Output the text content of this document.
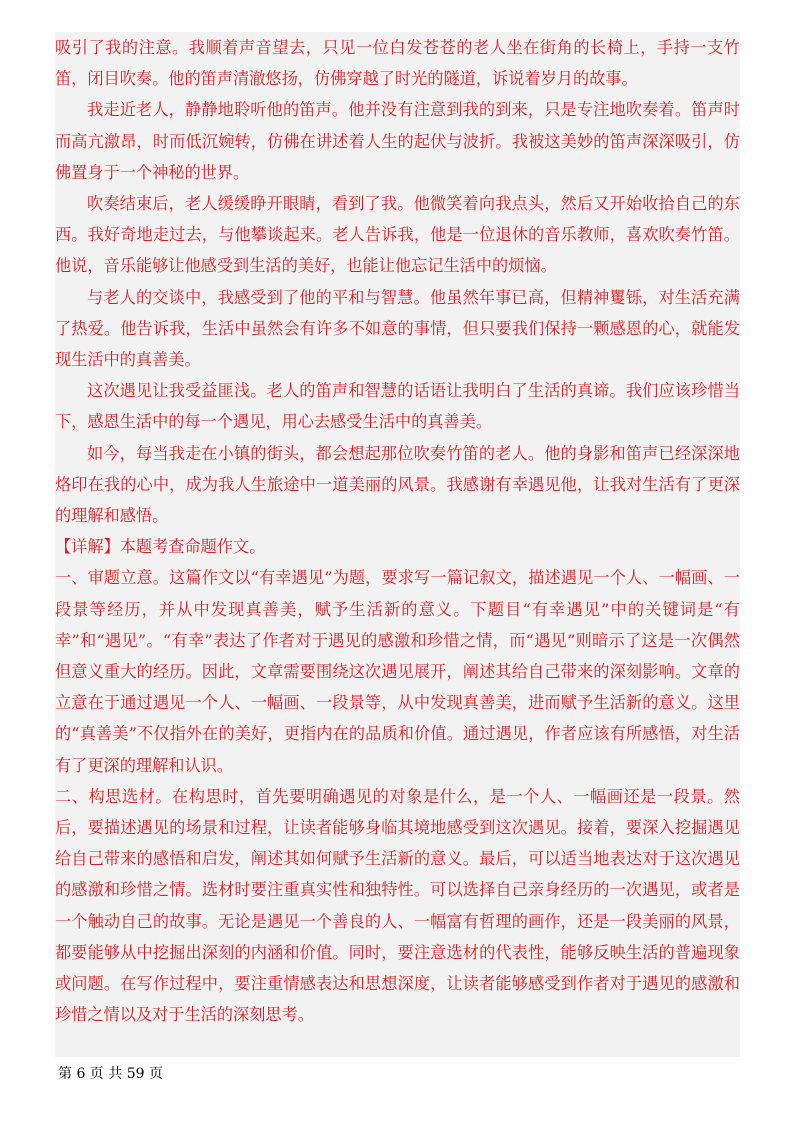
吸引了我的注意。我顺着声音望去，只见一位白发苍苍的老人坐在街角的长椅上，手持一支竹笛，闭目吹奏。他的笛声清澈悠扬，仿佛穿越了时光的隧道，诉说着岁月的故事。

我走近老人，静静地聆听他的笛声。他并没有注意到我的到来，只是专注地吹奏着。笛声时而高亢激昂，时而低沉婉转，仿佛在讲述着人生的起伏与波折。我被这美妙的笛声深深吸引，仿佛置身于一个神秘的世界。

吹奏结束后，老人缓缓睁开眼睛，看到了我。他微笑着向我点头，然后又开始收拾自己的东西。我好奇地走过去，与他攀谈起来。老人告诉我，他是一位退休的音乐教师，喜欢吹奏竹笛。他说，音乐能够让他感受到生活的美好，也能让他忘记生活中的烦恼。

与老人的交谈中，我感受到了他的平和与智慧。他虽然年事已高，但精神矍铄，对生活充满了热爱。他告诉我，生活中虽然会有许多不如意的事情，但只要我们保持一颗感恩的心，就能发现生活中的真善美。

这次遇见让我受益匪浅。老人的笛声和智慧的话语让我明白了生活的真谛。我们应该珍惜当下，感恩生活中的每一个遇见，用心去感受生活中的真善美。

如今，每当我走在小镇的街头，都会想起那位吹奏竹笛的老人。他的身影和笛声已经深深地烙印在我的心中，成为我人生旅途中一道美丽的风景。我感谢有幸遇见他，让我对生活有了更深的理解和感悟。

【详解】本题考查命题作文。

一、审题立意。这篇作文以“有幸遇见”为题，要求写一篇记叙文，描述遇见一个人、一幅画、一段景等经历，并从中发现真善美，赋予生活新的意义。下题目“有幸遇见”中的关键词是“有幸”和“遇见”。“有幸”表达了作者对于遇见的感激和珍惜之情，而“遇见”则暗示了这是一次偶然但意义重大的经历。因此，文章需要围绕这次遇见展开，阐述其给自己带来的深刻影响。文章的立意在于通过遇见一个人、一幅画、一段景等，从中发现真善美，进而赋予生活新的意义。这里的“真善美”不仅指外在的美好，更指内在的品质和价值。通过遇见，作者应该有所感悟，对生活有了更深的理解和认识。

二、构思选材。在构思时，首先要明确遇见的对象是什么，是一个人、一幅画还是一段景。然后，要描述遇见的场景和过程，让读者能够身临其境地感受到这次遇见。接着，要深入挖掘遇见给自己带来的感悟和启发，阐述其如何赋予生活新的意义。最后，可以适当地表达对于这次遇见的感激和珍惜之情。选材时要注重真实性和独特性。可以选择自己亲身经历的一次遇见，或者是一个触动自己的故事。无论是遇见一个善良的人、一幅富有哲理的画作，还是一段美丽的风景，都要能够从中挖掘出深刻的内涵和价值。同时，要注意选材的代表性，能够反映生活的普遍现象或问题。在写作过程中，要注重情感表达和思想深度，让读者能够感受到作者对于遇见的感激和珍惜之情以及对于生活的深刻思考。

第 6 页 共 59 页
